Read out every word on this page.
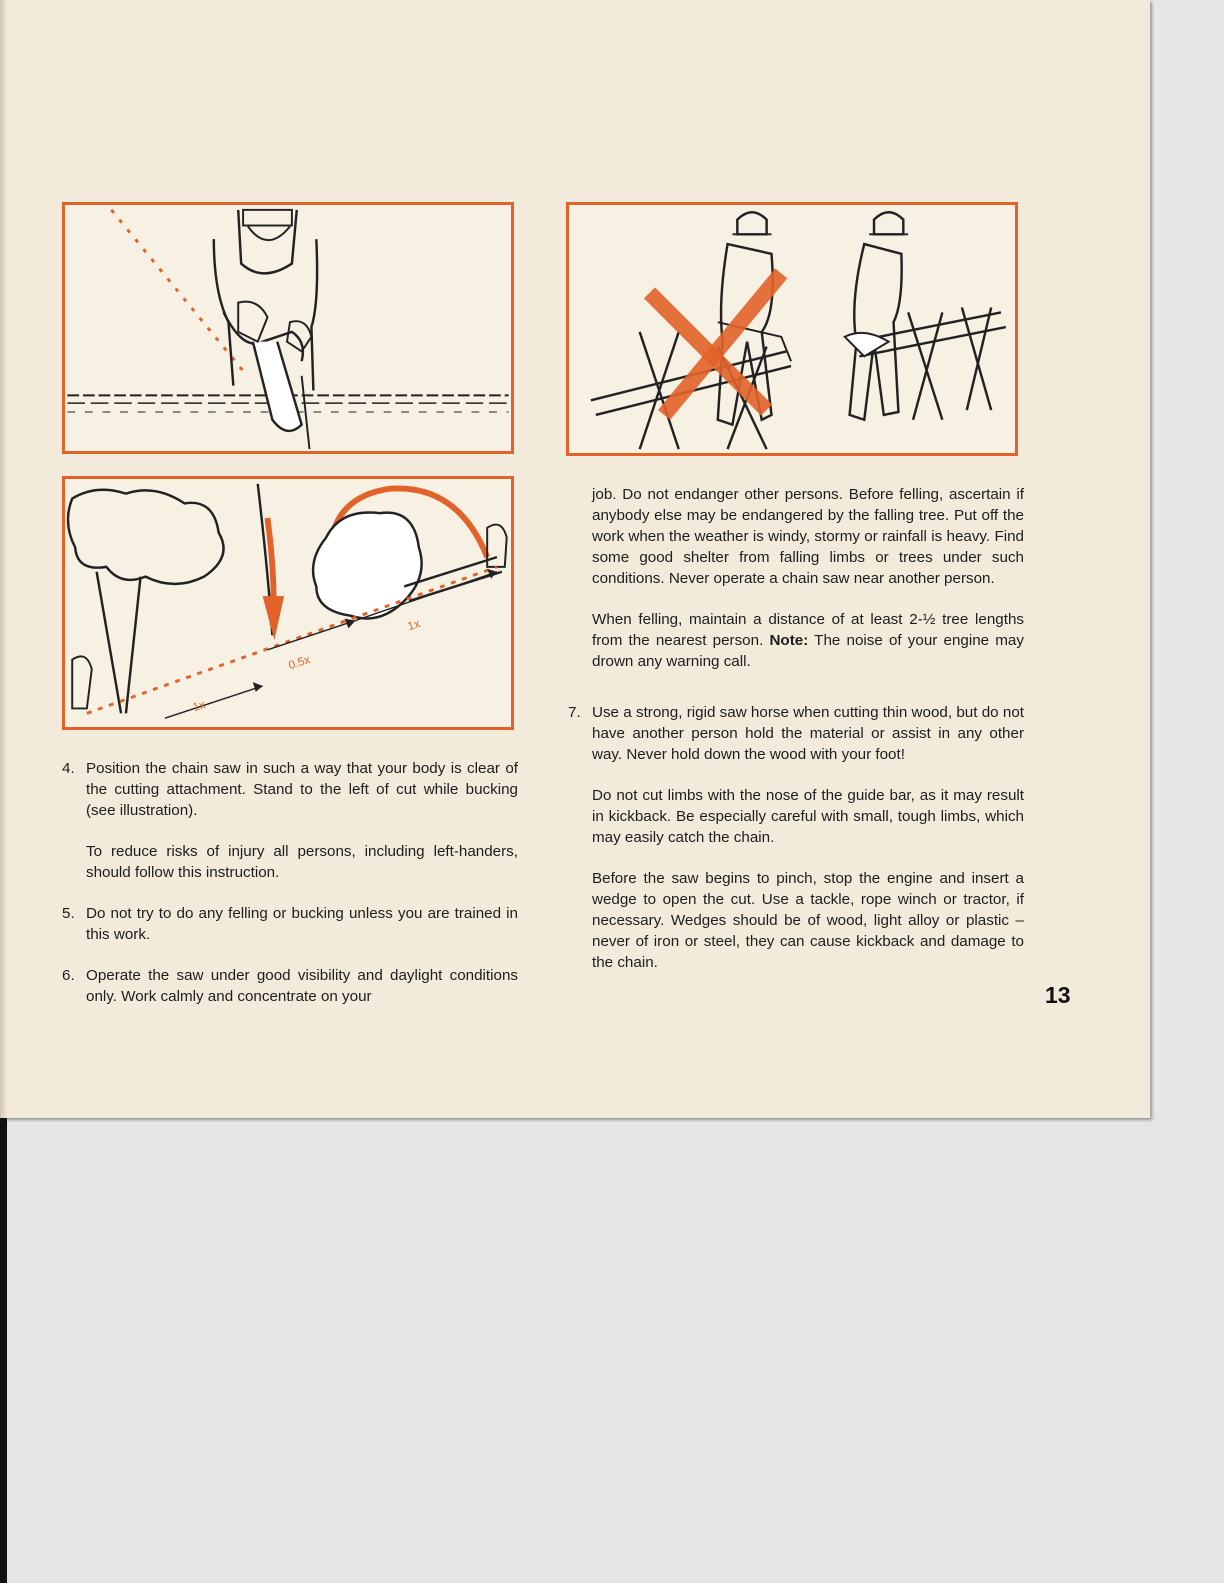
1x
0.5x
1x
4. Position the chain saw in such a way that your body is clear of the cutting attachment. Stand to the left of cut while bucking (see illustration).
To reduce risks of injury all persons, including left-handers, should follow this instruction.
5. Do not try to do any felling or bucking unless you are trained in this work.
6. Operate the saw under good visibility and daylight conditions only. Work calmly and concentrate on your
job. Do not endanger other persons. Before felling, ascertain if anybody else may be endangered by the falling tree. Put off the work when the weather is windy, stormy or rainfall is heavy. Find some good shelter from falling limbs or trees under such conditions. Never operate a chain saw near another person.
When felling, maintain a distance of at least 2-½ tree lengths from the nearest person. Note: The noise of your engine may drown any warning call.
7. Use a strong, rigid saw horse when cutting thin wood, but do not have another person hold the material or assist in any other way. Never hold down the wood with your foot!
Do not cut limbs with the nose of the guide bar, as it may result in kickback. Be especially careful with small, tough limbs, which may easily catch the chain.
Before the saw begins to pinch, stop the engine and insert a wedge to open the cut. Use a tackle, rope winch or tractor, if necessary. Wedges should be of wood, light alloy or plastic – never of iron or steel, they can cause kickback and damage to the chain.
13
